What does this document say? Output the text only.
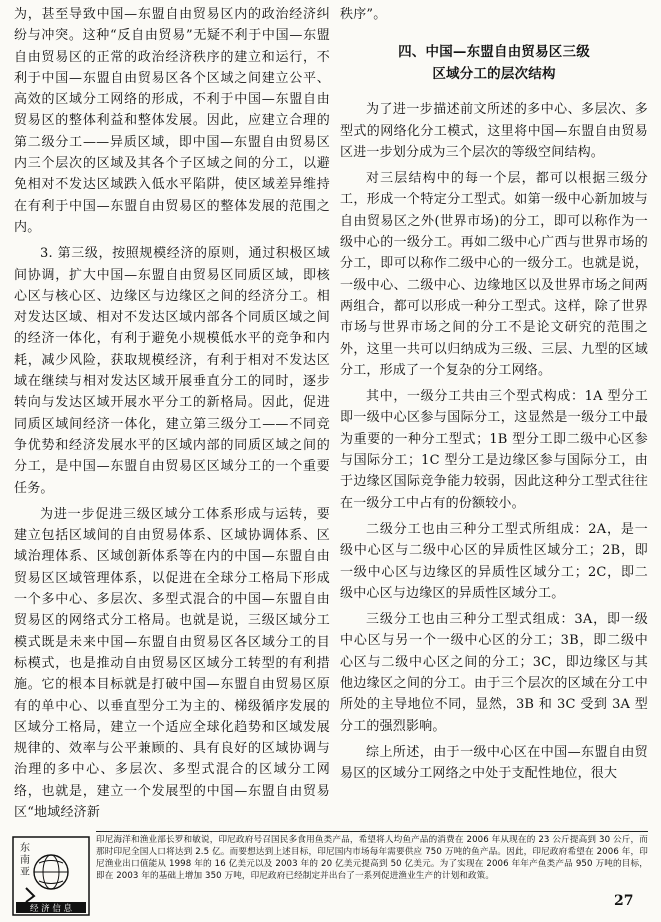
为，甚至导致中国—东盟自由贸易区内的政治经济纠纷与冲突。这种“反自由贸易”无疑不利于中国—东盟自由贸易区的正常的政治经济秩序的建立和运行，不利于中国—东盟自由贸易区各个区域之间建立公平、高效的区域分工网络的形成，不利于中国—东盟自由贸易区的整体利益和整体发展。因此，应建立合理的第二级分工——异质区域，即中国—东盟自由贸易区内三个层次的区域及其各个子区域之间的分工，以避免相对不发达区域跌入低水平陷阱，使区域差异维持在有利于中国—东盟自由贸易区的整体发展的范围之内。

3. 第三级，按照规模经济的原则，通过积极区域间协调，扩大中国—东盟自由贸易区同质区域，即核心区与核心区、边缘区与边缘区之间的经济分工。相对发达区域、相对不发达区域内部各个同质区域之间的经济一体化，有利于避免小规模低水平的竞争和内耗，减少风险，获取规模经济，有利于相对不发达区域在继续与相对发达区域开展垂直分工的同时，逐步转向与发达区域开展水平分工的新格局。因此，促进同质区域间经济一体化，建立第三级分工——不同竞争优势和经济发展水平的区域内部的同质区域之间的分工，是中国—东盟自由贸易区区域分工的一个重要任务。

为进一步促进三级区域分工体系形成与运转，要建立包括区域间的自由贸易体系、区域协调体系、区域治理体系、区域创新体系等在内的中国—东盟自由贸易区区域管理体系，以促进在全球分工格局下形成一个多中心、多层次、多型式混合的中国—东盟自由贸易区的网络式分工格局。也就是说，三级区域分工模式既是未来中国—东盟自由贸易区各区域分工的目标模式，也是推动自由贸易区区域分工转型的有利措施。它的根本目标就是打破中国—东盟自由贸易区原有的单中心、以垂直型分工为主的、梯级循序发展的区域分工格局，建立一个适应全球化趋势和区域发展规律的、效率与公平兼顾的、具有良好的区域协调与治理的多中心、多层次、多型式混合的区域分工网络，也就是，建立一个发展型的中国—东盟自由贸易区“地域经济新

秩序”。

四、中国—东盟自由贸易区三级
区域分工的层次结构

为了进一步描述前文所述的多中心、多层次、多型式的网络化分工模式，这里将中国—东盟自由贸易区进一步划分成为三个层次的等级空间结构。

对三层结构中的每一个层，都可以根据三级分工，形成一个特定分工型式。如第一级中心新加坡与自由贸易区之外(世界市场)的分工，即可以称作为一级中心的一级分工。再如二级中心广西与世界市场的分工，即可以称作二级中心的一级分工。也就是说，一级中心、二级中心、边缘地区以及世界市场之间两两组合，都可以形成一种分工型式。这样，除了世界市场与世界市场之间的分工不是论文研究的范围之外，这里一共可以归纳成为三级、三层、九型的区域分工，形成了一个复杂的分工网络。

其中，一级分工共由三个型式构成：1A 型分工即一级中心区参与国际分工，这显然是一级分工中最为重要的一种分工型式；1B 型分工即二级中心区参与国际分工；1C 型分工是边缘区参与国际分工，由于边缘区国际竞争能力较弱，因此这种分工型式往往在一级分工中占有的份额较小。

二级分工也由三种分工型式所组成：2A，是一级中心区与二级中心区的异质性区域分工；2B，即一级中心区与边缘区的异质性区域分工；2C，即二级中心区与边缘区的异质性区域分工。

三级分工也由三种分工型式组成：3A，即一级中心区与另一个一级中心区的分工；3B，即二级中心区与二级中心区之间的分工；3C，即边缘区与其他边缘区之间的分工。由于三个层次的区域在分工中所处的主导地位不同，显然，3B 和 3C 受到 3A 型分工的强烈影响。

综上所述，由于一级中心区在中国—东盟自由贸易区的区域分工网络之中处于支配性地位，很大

东
南
亚
经 济 信 息
印尼海洋和渔业部长罗和敏说，印尼政府号召国民多食用鱼类产品，希望将人均鱼产品的消费在 2006 年从现在的 23 公斤提高到 30 公斤，而那时印尼全国人口将达到 2.5 亿。而要想达到上述目标，印尼国内市场每年需要供应 750 万吨的鱼产品。因此，印尼政府希望在 2006 年，印尼渔业出口值能从 1998 年的 16 亿美元以及 2003 年的 20 亿美元提高到 50 亿美元。为了实现在 2006 年年产鱼类产品 950 万吨的目标，即在 2003 年的基础上增加 350 万吨，印尼政府已经制定并出台了一系列促进渔业生产的计划和政策。
27
